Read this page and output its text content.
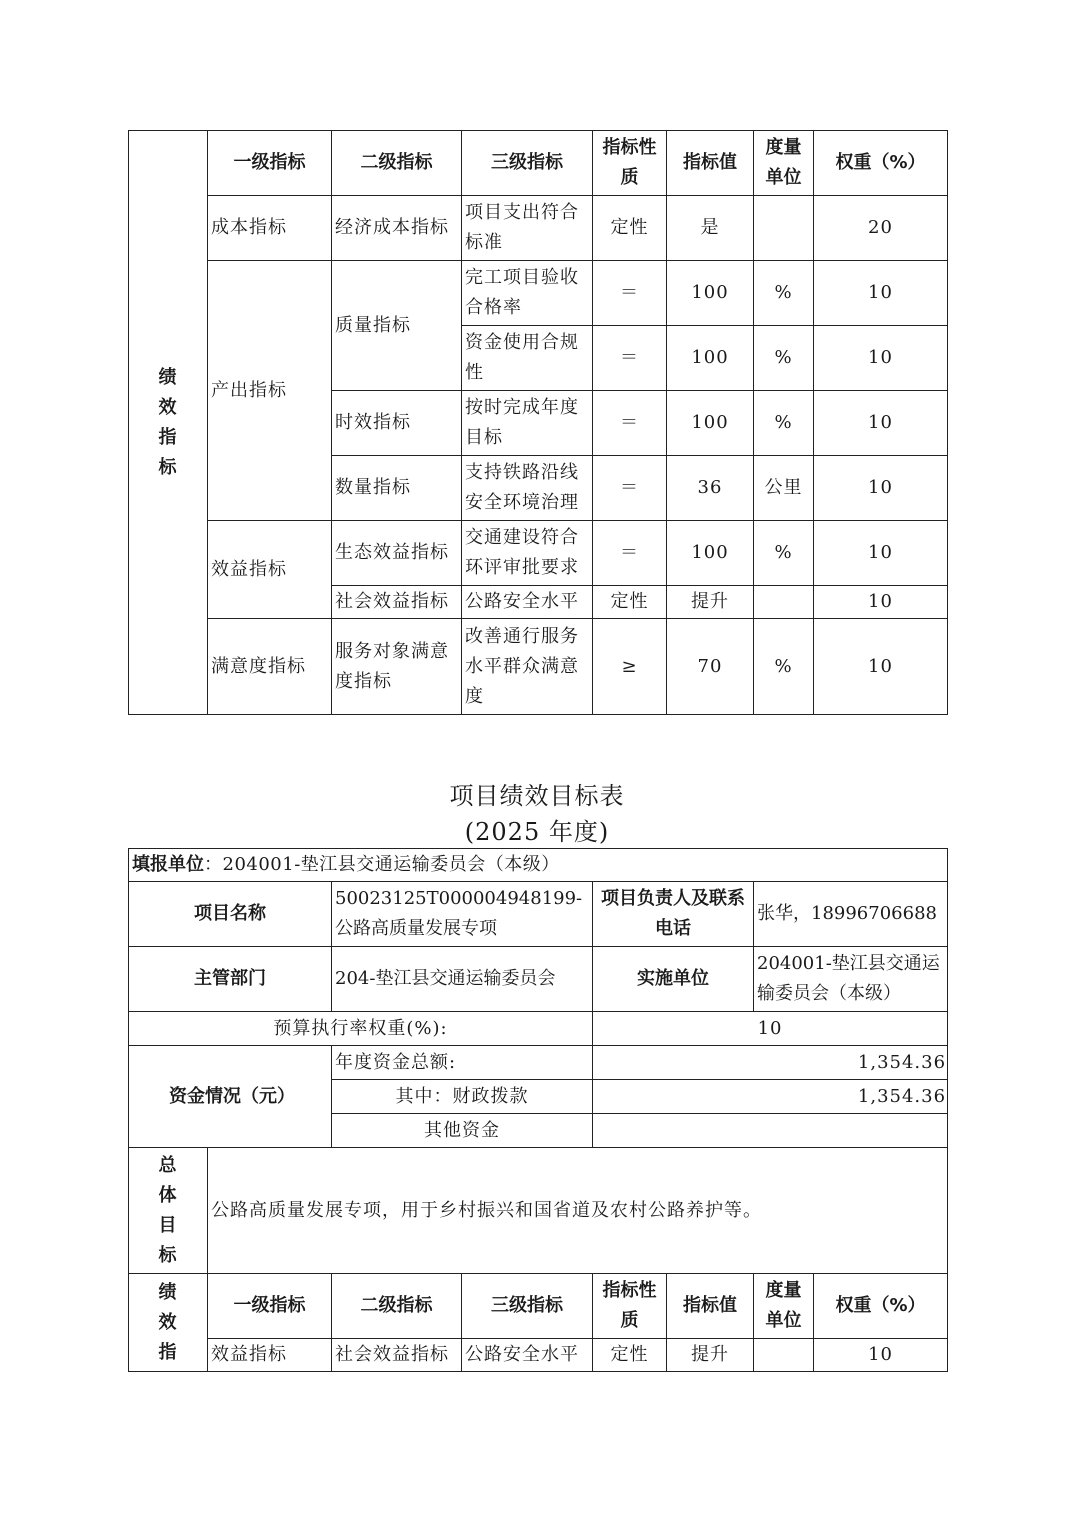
绩
效
指
标	一级指标	二级指标	三级指标	指标性质	指标值	度量单位	权重（%）
	成本指标	经济成本指标	项目支出符合标准	定性	是		20
	产出指标	质量指标	完工项目验收合格率	＝	100	%	10
			资金使用合规性	＝	100	%	10
		时效指标	按时完成年度目标	＝	100	%	10
		数量指标	支持铁路沿线安全环境治理	＝	36	公里	10
	效益指标	生态效益指标	交通建设符合环评审批要求	＝	100	%	10
		社会效益指标	公路安全水平	定性	提升		10
	满意度指标	服务对象满意度指标	改善通行服务水平群众满意度	≥	70	%	10
项目绩效目标表
(2025 年度)
填报单位：204001-垫江县交通运输委员会（本级）							
项目名称		50023125T000004948199-公路高质量发展专项		项目负责人及联系电话		张华，18996706688	
主管部门		204-垫江县交通运输委员会		实施单位		204001-垫江县交通运输委员会（本级）	
预算执行率权重(%):				10			
资金情况（元）		年度资金总额:		1,354.36			
		其中：财政拨款		1,354.36			
		其他资金					

总
体
目
标	公路高质量发展专项，用于乡村振兴和国省道及农村公路养护等。						

绩
效
指	一级指标	二级指标	三级指标	指标性质	指标值	度量单位	权重（%）
	效益指标	社会效益指标	公路安全水平	定性	提升		10
